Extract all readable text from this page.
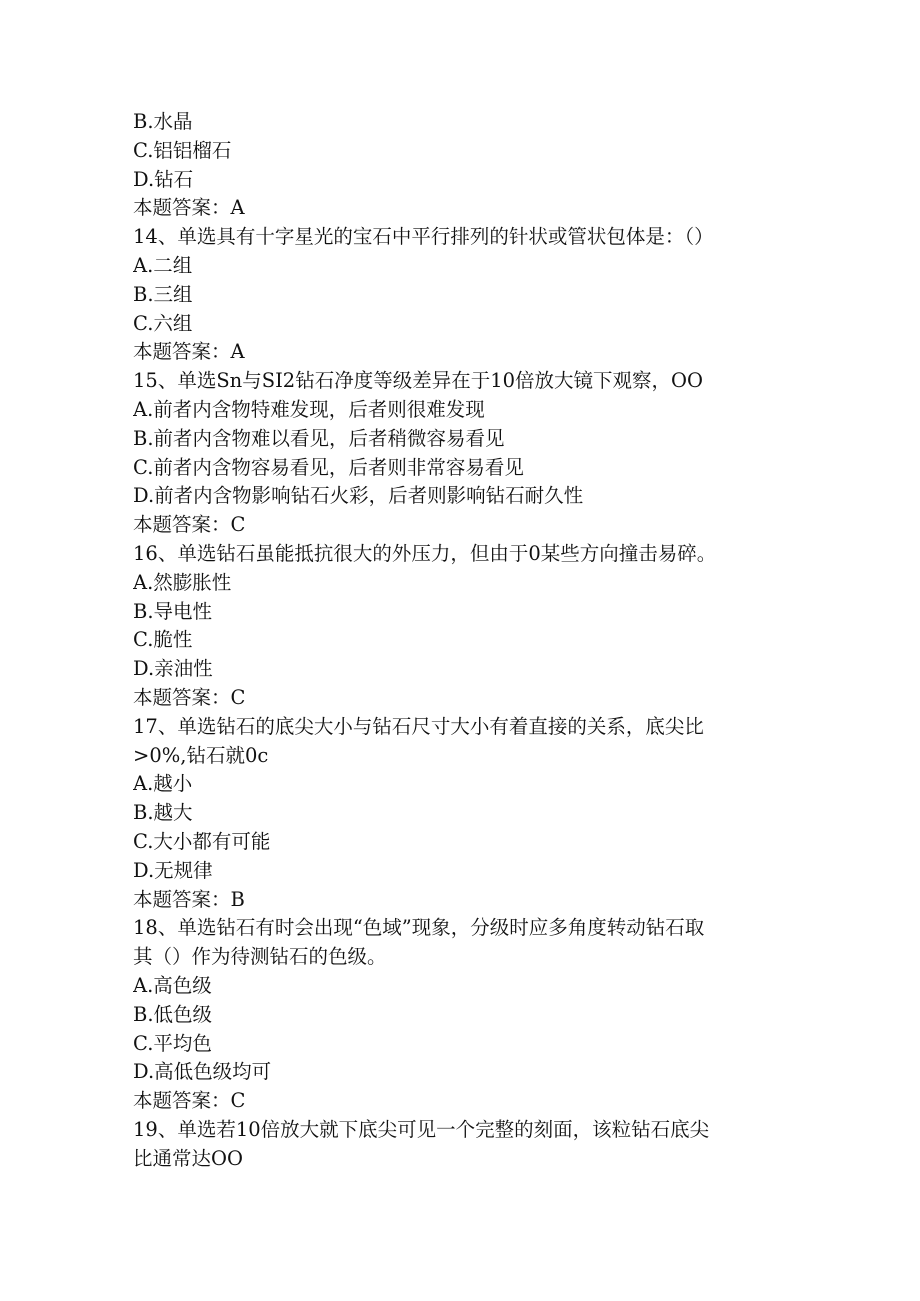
B.水晶
C.铝铝榴石
D.钻石
本题答案：A
14、单选具有十字星光的宝石中平行排列的针状或管状包体是：（）
A.二组
B.三组
C.六组
本题答案：A
15、单选Sn与SI2钻石净度等级差异在于10倍放大镜下观察，OO
A.前者内含物特难发现，后者则很难发现
B.前者内含物难以看见，后者稍微容易看见
C.前者内含物容易看见，后者则非常容易看见
D.前者内含物影响钻石火彩，后者则影响钻石耐久性
本题答案：C
16、单选钻石虽能抵抗很大的外压力，但由于0某些方向撞击易碎。
A.然膨胀性
B.导电性
C.脆性
D.亲油性
本题答案：C
17、单选钻石的底尖大小与钻石尺寸大小有着直接的关系，底尖比
>0%,钻石就0c
A.越小
B.越大
C.大小都有可能
D.无规律
本题答案：B
18、单选钻石有时会出现“色域”现象，分级时应多角度转动钻石取
其（）作为待测钻石的色级。
A.高色级
B.低色级
C.平均色
D.高低色级均可
本题答案：C
19、单选若10倍放大就下底尖可见一个完整的刻面，该粒钻石底尖
比通常达OO
